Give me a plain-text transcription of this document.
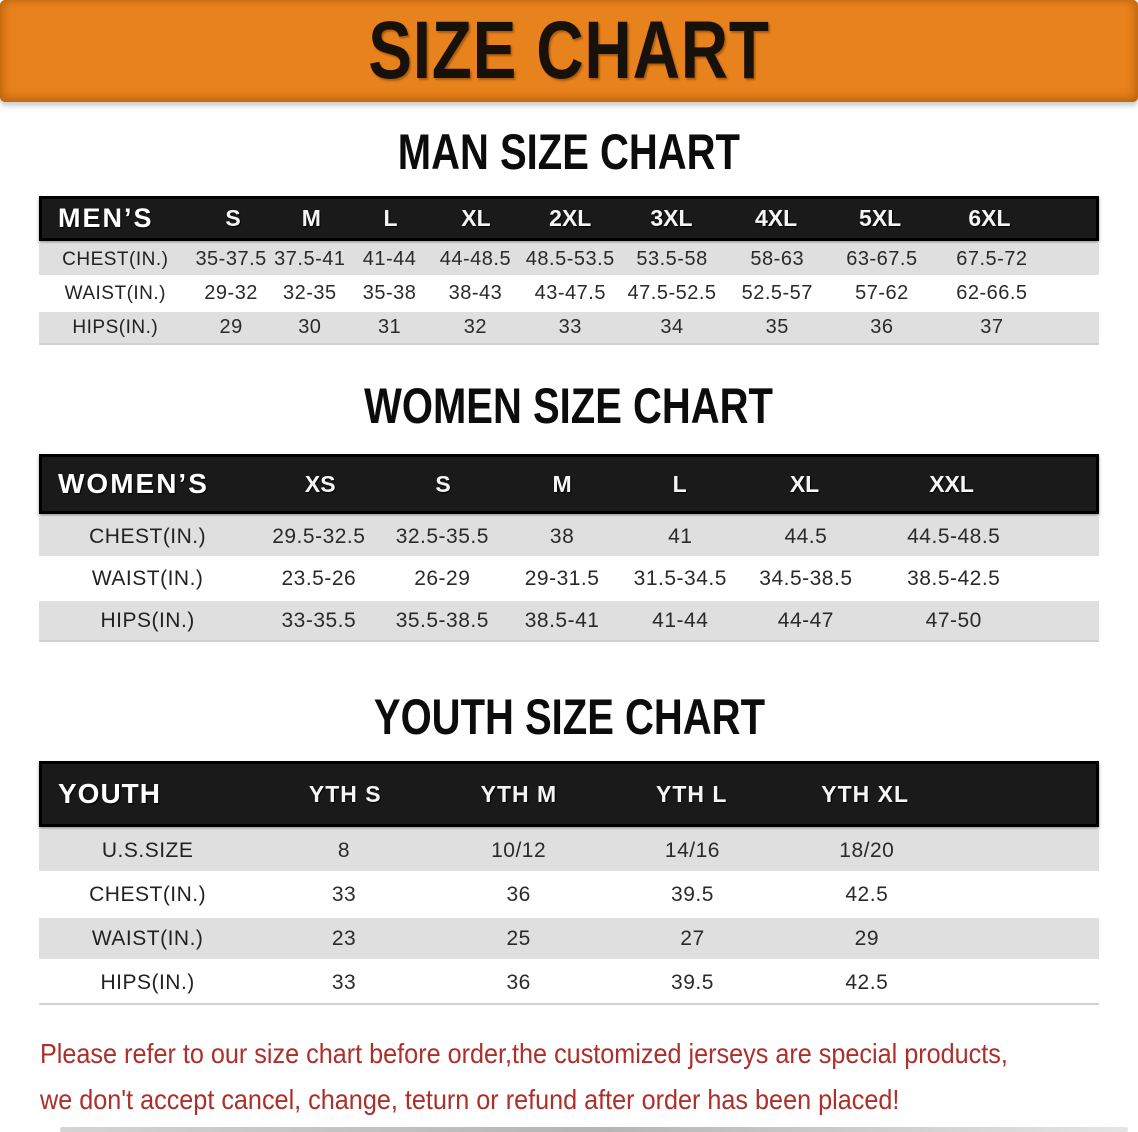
SIZE CHART
MAN SIZE CHART
MEN’S	S	M	L	XL	2XL	3XL	4XL	5XL	6XL
CHEST(IN.)	35-37.5 37.5-41 41-44	44-48.5 48.5-53.5	53.5-58	58-63	63-67.5	67.5-72
WAIST(IN.)	29-32	32-35	35-38	38-43	43-47.5	47.5-52.5	52.5-57	57-62	62-66.5
HIPS(IN.)	29	30	31	32	33	34	35	36	37
WOMEN SIZE CHART
WOMEN’S	XS	S	M	L	XL	XXL
CHEST(IN.)	29.5-32.5	32.5-35.5	38	41	44.5	44.5-48.5
WAIST(IN.)	23.5-26	26-29	29-31.5	31.5-34.5	34.5-38.5	38.5-42.5
HIPS(IN.)	33-35.5	35.5-38.5	38.5-41	41-44	44-47	47-50
YOUTH SIZE CHART
YOUTH	YTH S	YTH M	YTH L	YTH XL
U.S.SIZE	8	10/12	14/16	18/20
CHEST(IN.)	33	36	39.5	42.5
WAIST(IN.)	23	25	27	29
HIPS(IN.)	33	36	39.5	42.5
Please refer to our size chart before order,the customized jerseys are special products,
we don't accept cancel, change, teturn or refund after order has been placed!
